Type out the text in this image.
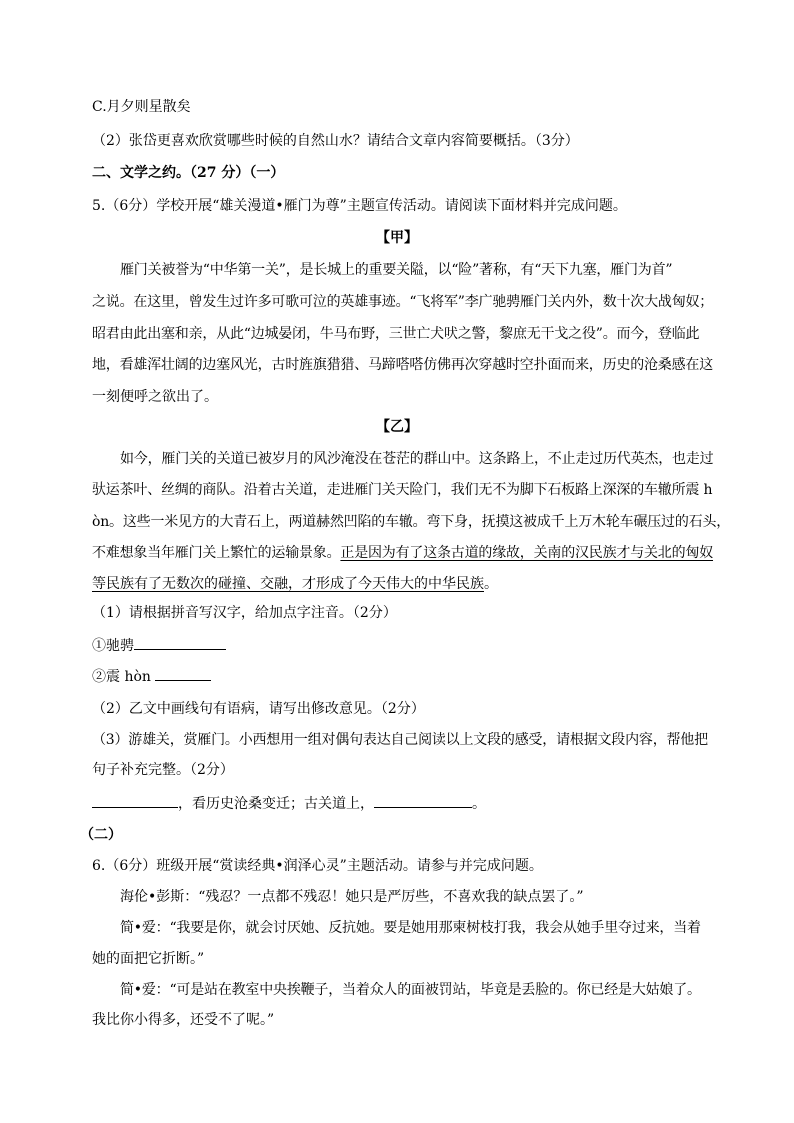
C.月夕则星散矣
（2）张岱更喜欢欣赏哪些时候的自然山水？请结合文章内容简要概括。（3分）
二、文学之约。（27 分）（一）
5.（6分）学校开展“雄关漫道•雁门为尊”主题宣传活动。请阅读下面材料并完成问题。
【甲】
雁门关被誉为“中华第一关”，是长城上的重要关隘，以“险”著称，有“天下九塞，雁门为首”
之说。在这里，曾发生过许多可歌可泣的英雄事迹。“飞将军”李广驰骋雁门关内外，数十次大战匈奴；
昭君由此出塞和亲，从此“边城晏闭，牛马布野，三世亡犬吠之警，黎庶无干戈之役”。而今，登临此
地，看雄浑壮阔的边塞风光，古时旌旗猎猎、马蹄嗒嗒仿佛再次穿越时空扑面而来，历史的沧桑感在这
一刻便呼之欲出了。
【乙】
如今，雁门关的关道已被岁月的风沙淹没在苍茫的群山中。这条路上，不止走过历代英杰，也走过
驮运茶叶、丝绸的商队。沿着古关道，走进雁门关天险门，我们无不为脚下石板路上深深的车辙所震 h
òn。这些一米见方的大青石上，两道赫然凹陷的车辙。弯下身，抚摸这被成千上万木轮车碾压过的石头，
不难想象当年雁门关上繁忙的运输景象。正是因为有了这条古道的缘故，关南的汉民族才与关北的匈奴
等民族有了无数次的碰撞、交融，才形成了今天伟大的中华民族。
（1）请根据拼音写汉字，给加点字注音。（2分）
①驰骋
②震 hòn
（2）乙文中画线句有语病，请写出修改意见。（2分）
（3）游雄关，赏雁门。小西想用一组对偶句表达自己阅读以上文段的感受，请根据文段内容，帮他把
句子补充完整。（2分）
，看历史沧桑变迁；古关道上，	。
（二）
6.（6分）班级开展“赏读经典•润泽心灵”主题活动。请参与并完成问题。
海伦•彭斯：“残忍？一点都不残忍！她只是严厉些，不喜欢我的缺点罢了。”
简•爱：“我要是你，就会讨厌她、反抗她。要是她用那柬树枝打我，我会从她手里夺过来，当着
她的面把它折断。”
简•爱：“可是站在教室中央挨鞭子，当着众人的面被罚站，毕竟是丢脸的。你已经是大姑娘了。
我比你小得多，还受不了呢。”
